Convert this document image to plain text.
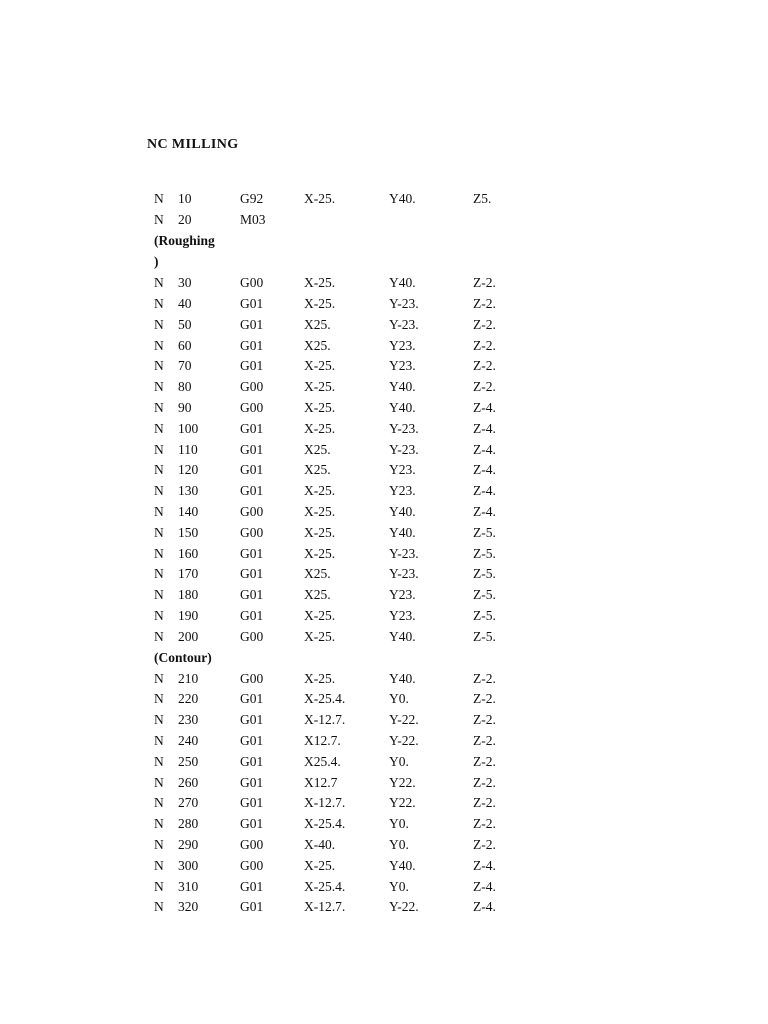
NC MILLING
N 10	G92	X-25.	Y40.	Z5.
N 20	M03
(Roughing
)
N 30	G00	X-25.	Y40.	Z-2.
N 40	G01	X-25.	Y-23.	Z-2.
N 50	G01	X25.	Y-23.	Z-2.
N 60	G01	X25.	Y23.	Z-2.
N 70	G01	X-25.	Y23.	Z-2.
N 80	G00	X-25.	Y40.	Z-2.
N 90	G00	X-25.	Y40.	Z-4.
N 100	G01	X-25.	Y-23.	Z-4.
N 110	G01	X25.	Y-23.	Z-4.
N 120	G01	X25.	Y23.	Z-4.
N 130	G01	X-25.	Y23.	Z-4.
N 140	G00	X-25.	Y40.	Z-4.
N 150	G00	X-25.	Y40.	Z-5.
N 160	G01	X-25.	Y-23.	Z-5.
N 170	G01	X25.	Y-23.	Z-5.
N 180	G01	X25.	Y23.	Z-5.
N 190	G01	X-25.	Y23.	Z-5.
N 200	G00	X-25.	Y40.	Z-5.
(Contour)
N 210	G00	X-25.	Y40.	Z-2.
N 220	G01	X-25.4.	Y0.	Z-2.
N 230	G01	X-12.7.	Y-22.	Z-2.
N 240	G01	X12.7.	Y-22.	Z-2.
N 250	G01	X25.4.	Y0.	Z-2.
N 260	G01	X12.7	Y22.	Z-2.
N 270	G01	X-12.7.	Y22.	Z-2.
N 280	G01	X-25.4.	Y0.	Z-2.
N 290	G00	X-40.	Y0.	Z-2.
N 300	G00	X-25.	Y40.	Z-4.
N 310	G01	X-25.4.	Y0.	Z-4.
N 320	G01	X-12.7.	Y-22.	Z-4.
